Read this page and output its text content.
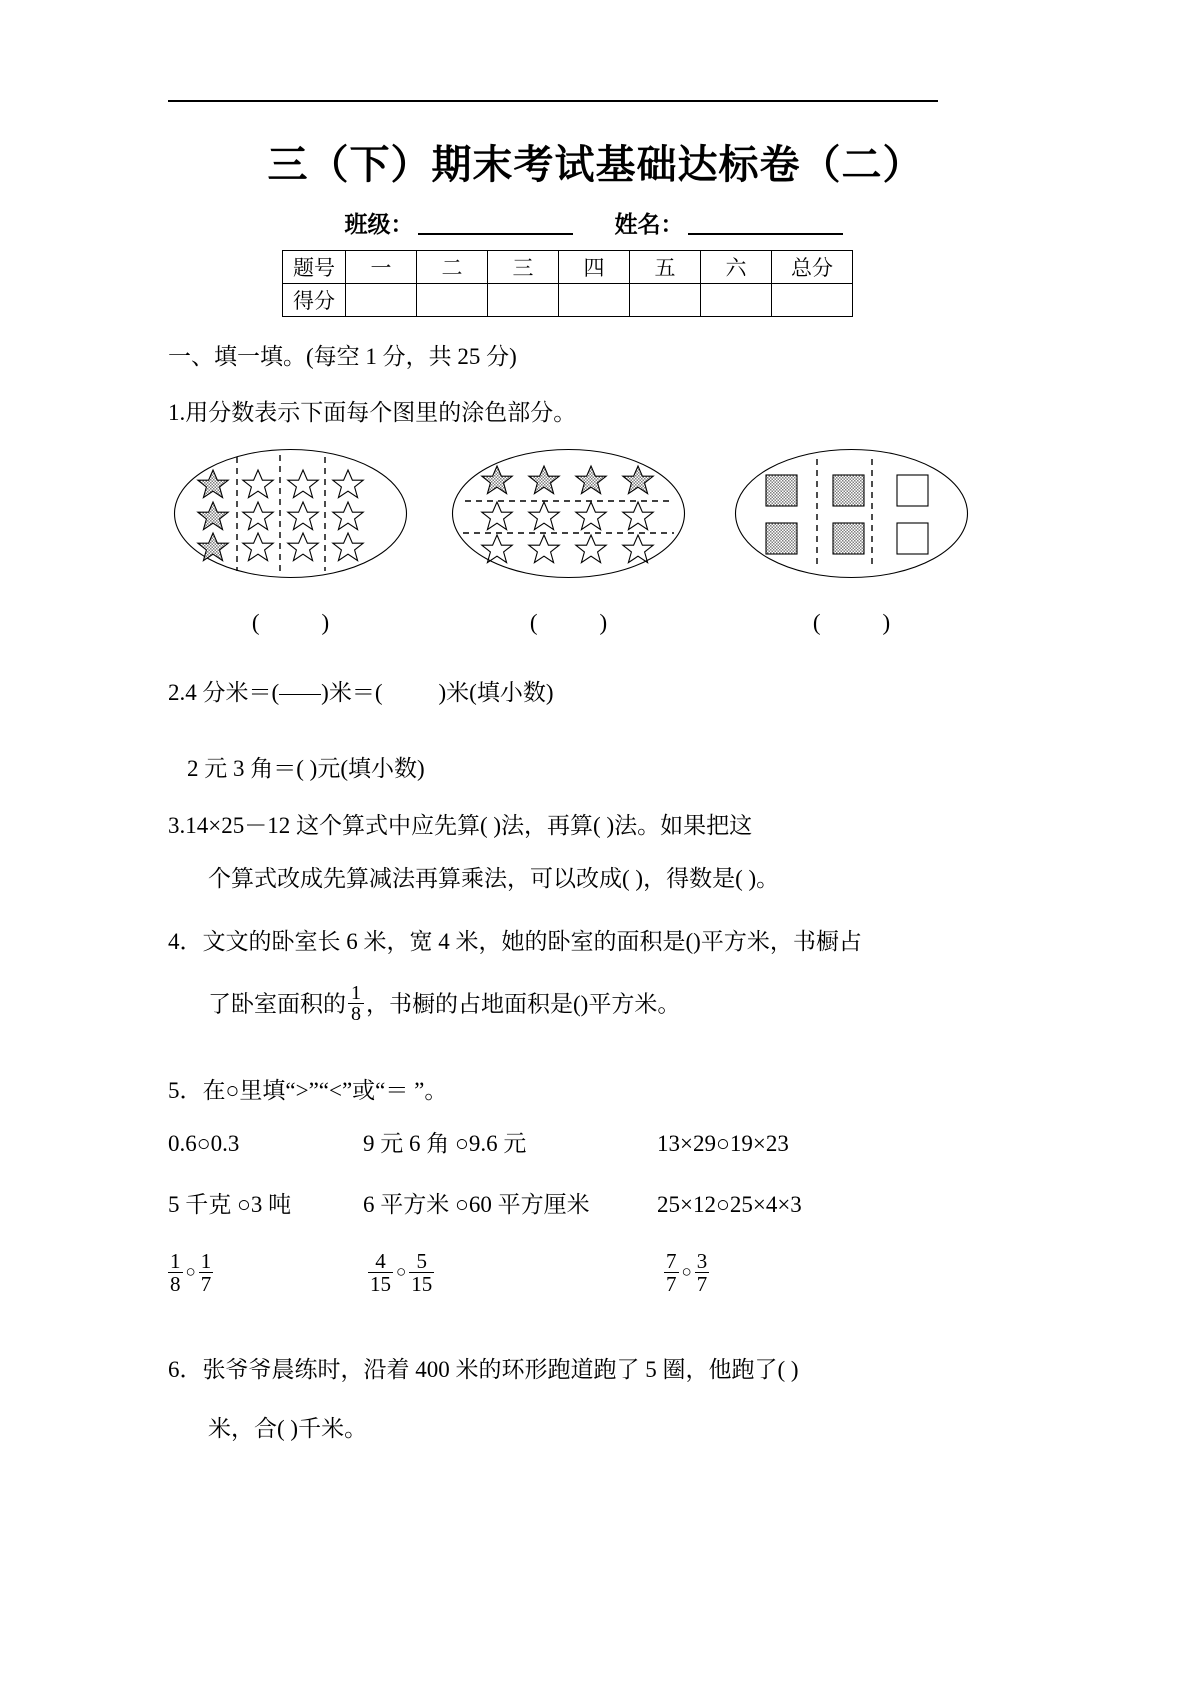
三（下）期末考试基础达标卷（二）
班级：	姓名：
题号	一	二	三	四	五	六	总分
得分							
一、填一填。(每空 1 分，共 25 分)
1.用分数表示下面每个图里的涂色部分。
(	)	(	)	(	)
2.4 分米＝( )米＝( )米(填小数)
2 元 3 角＝( )元(填小数)
3.14×25－12 这个算式中应先算( )法，再算( )法。如果把这
个算式改成先算减法再算乘法，可以改成( )，得数是( )。
4．文文的卧室长 6 米，宽 4 米，她的卧室的面积是()平方米，书橱占
了卧室面积的 $\frac{1}{8}$ ，书橱的占地面积是()平方米。
5．在○里填“>”“<”或“＝ ”。
0.6○0.3	9 元 6 角 ○9.6 元	13×29○19×23
5 千克 ○3 吨	6 平方米 ○60 平方厘米	25×12○25×4×3
$\frac{1}{8}$ ○ $\frac{1}{7}$	$\frac{4}{15}$ ○ $\frac{5}{15}$	$\frac{7}{7}$ ○ $\frac{3}{7}$
6．张爷爷晨练时，沿着 400 米的环形跑道跑了 5 圈，他跑了( )
米，合( )千米。
